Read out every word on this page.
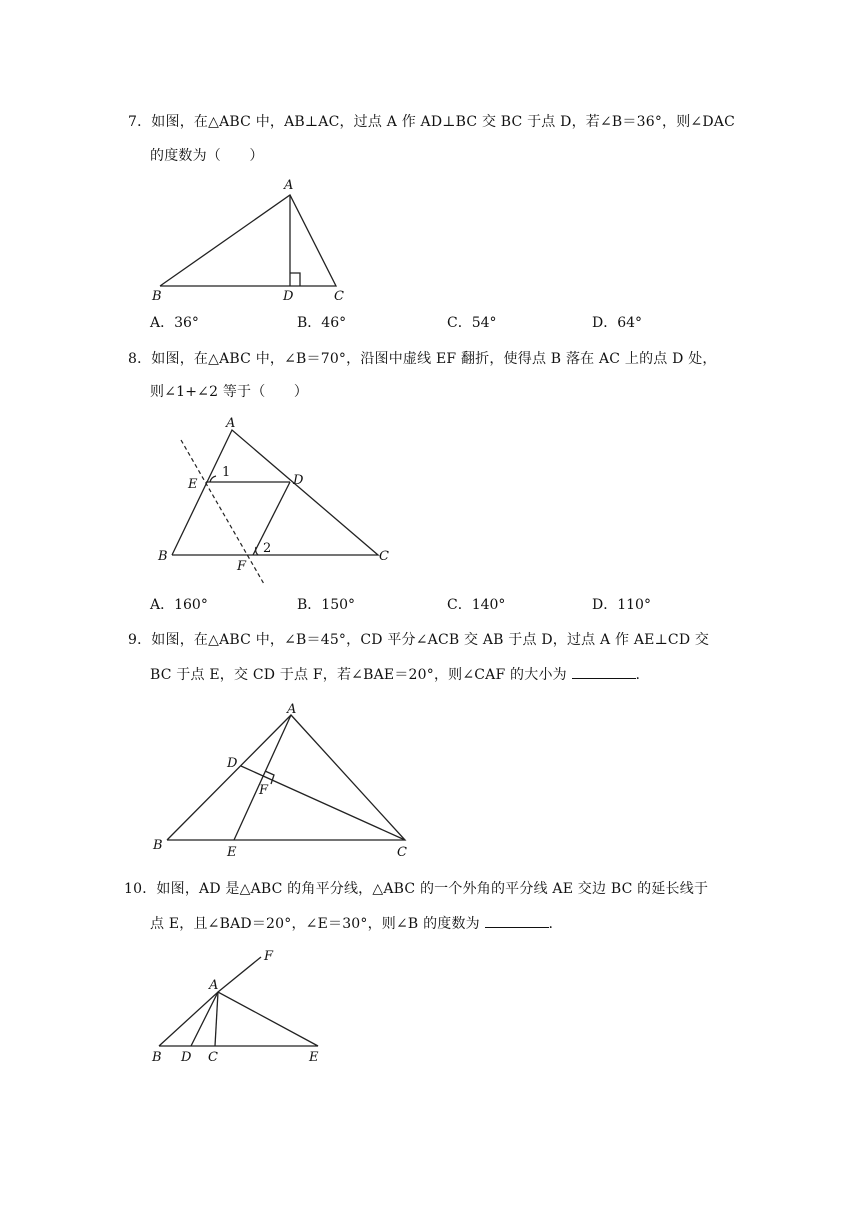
7．如图，在△ABC 中，AB⊥AC，过点 A 作 AD⊥BC 交 BC 于点 D，若∠B＝36°，则∠DAC
的度数为（　　）
A
B	D	C
A．36°	B．46°	C．54°	D．64°
8．如图，在△ABC 中，∠B＝70°，沿图中虚线 EF 翻折，使得点 B 落在 AC 上的点 D 处，
则∠1+∠2 等于（　　）
A
E	D
B
F
C
1
2
A．160°	B．150°	C．140°	D．110°
9．如图，在△ABC 中，∠B＝45°，CD 平分∠ACB 交 AB 于点 D，过点 A 作 AE⊥CD 交
BC 于点 E，交 CD 于点 F，若∠BAE＝20°，则∠CAF 的大小为	.
A
D
F
B	E	C
10．如图，AD 是△ABC 的角平分线，△ABC 的一个外角的平分线 AE 交边 BC 的延长线于
点 E，且∠BAD＝20°，∠E＝30°，则∠B 的度数为	.
F
A
B D C	E
